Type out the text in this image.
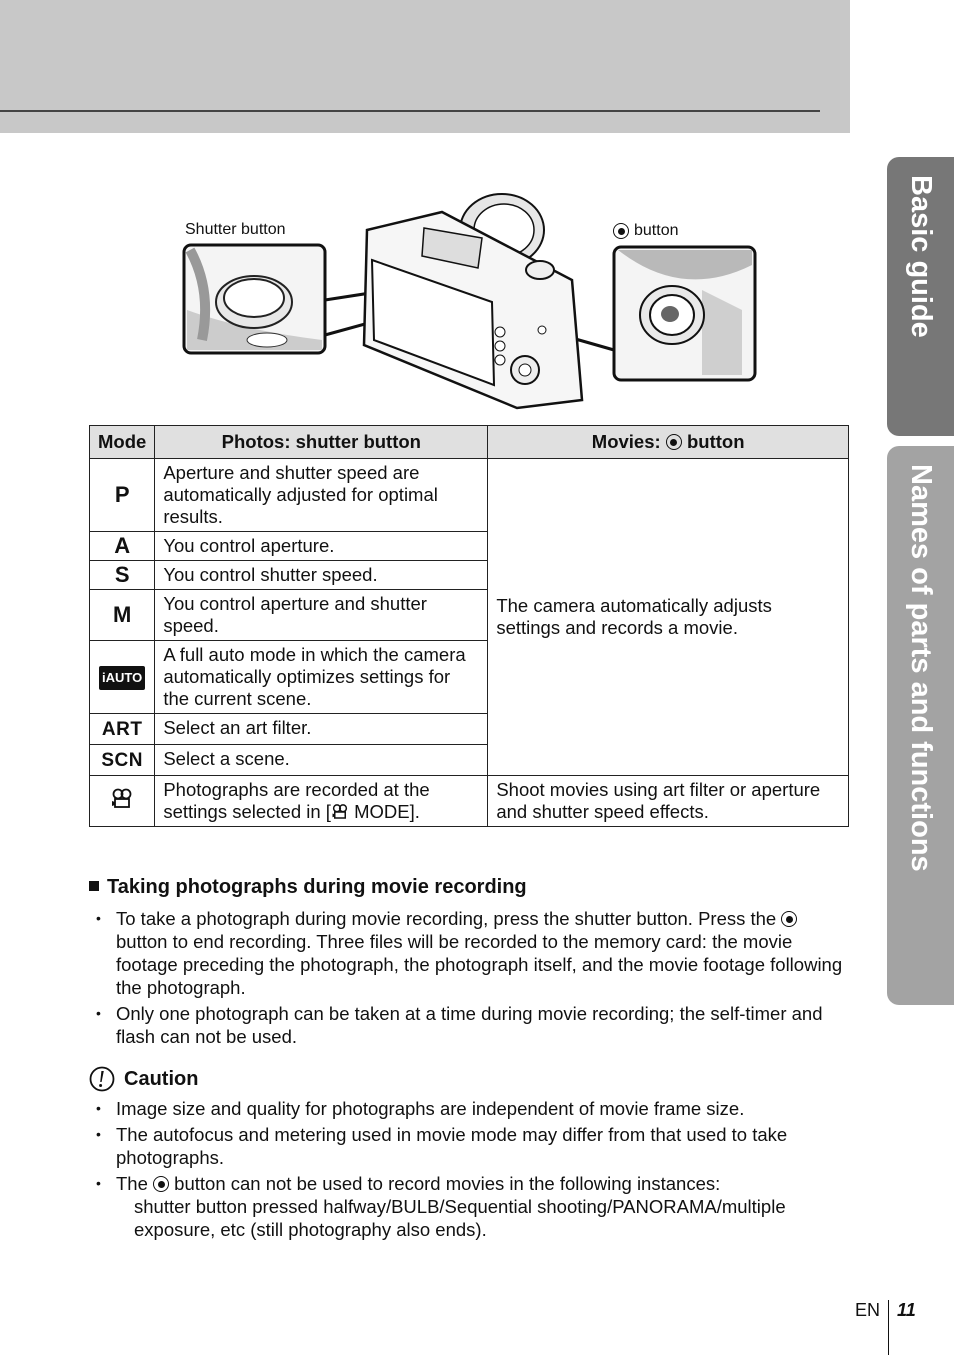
Basic guide
Names of parts and functions
Shutter button	button
Mode	Photos: shutter button	Movies: button
P	Aperture and shutter speed are automatically adjusted for optimal results.	The camera automatically adjusts settings and records a movie.
A	You control aperture.	
S	You control shutter speed.	
M	You control aperture and shutter speed.	
iAUTO	A full auto mode in which the camera automatically optimizes settings for the current scene.	
ART	Select an art filter.	
SCN	Select a scene.	
	Photographs are recorded at the settings selected in [ MODE].	Shoot movies using art filter or aperture and shutter speed effects.
Taking photographs during movie recording
• To take a photograph during movie recording, press the shutter button. Press the  button to end recording. Three files will be recorded to the memory card: the movie footage preceding the photograph, the photograph itself, and the movie footage following the photograph.
• Only one photograph can be taken at a time during movie recording; the self-timer and flash can not be used.
Caution
• Image size and quality for photographs are independent of movie frame size.
• The autofocus and metering used in movie mode may differ from that used to take photographs.
• The button can not be used to record movies in the following instances:
shutter button pressed halfway/BULB/Sequential shooting/PANORAMA/multiple exposure, etc (still photography also ends).
EN 11
